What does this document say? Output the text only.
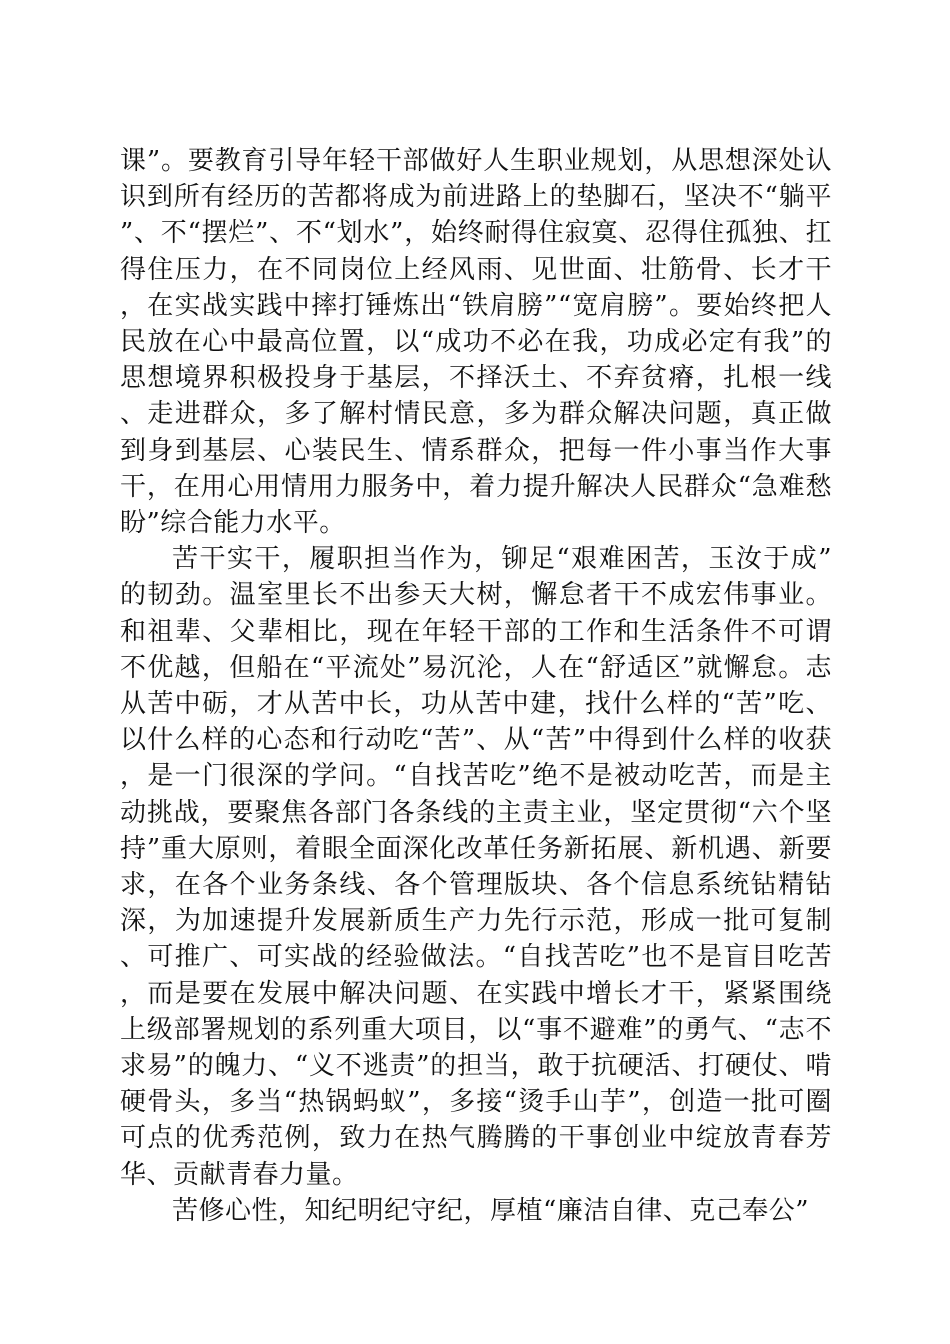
课”。要教育引导年轻干部做好人生职业规划，从思想深处认识到所有经历的苦都将成为前进路上的垫脚石，坚决不“躺平”、不“摆烂”、不“划水”，始终耐得住寂寞、忍得住孤独、扛得住压力，在不同岗位上经风雨、见世面、壮筋骨、长才干，在实战实践中摔打锤炼出“铁肩膀”“宽肩膀”。要始终把人民放在心中最高位置，以“成功不必在我，功成必定有我”的思想境界积极投身于基层，不择沃土、不弃贫瘠，扎根一线、走进群众，多了解村情民意，多为群众解决问题，真正做到身到基层、心装民生、情系群众，把每一件小事当作大事干，在用心用情用力服务中，着力提升解决人民群众“急难愁盼”综合能力水平。

苦干实干，履职担当作为，铆足“艰难困苦，玉汝于成”的韧劲。温室里长不出参天大树，懈怠者干不成宏伟事业。和祖辈、父辈相比，现在年轻干部的工作和生活条件不可谓不优越，但船在“平流处”易沉沦，人在“舒适区”就懈怠。志从苦中砺，才从苦中长，功从苦中建，找什么样的“苦”吃、以什么样的心态和行动吃“苦”、从“苦”中得到什么样的收获，是一门很深的学问。“自找苦吃”绝不是被动吃苦，而是主动挑战，要聚焦各部门各条线的主责主业，坚定贯彻“六个坚持”重大原则，着眼全面深化改革任务新拓展、新机遇、新要求，在各个业务条线、各个管理版块、各个信息系统钻精钻深，为加速提升发展新质生产力先行示范，形成一批可复制、可推广、可实战的经验做法。“自找苦吃”也不是盲目吃苦，而是要在发展中解决问题、在实践中增长才干，紧紧围绕上级部署规划的系列重大项目，以“事不避难”的勇气、“志不求易”的魄力、“义不逃责”的担当，敢于抗硬活、打硬仗、啃硬骨头，多当“热锅蚂蚁”，多接“烫手山芋”，创造一批可圈可点的优秀范例，致力在热气腾腾的干事创业中绽放青春芳华、贡献青春力量。

苦修心性，知纪明纪守纪，厚植“廉洁自律、克己奉公”
